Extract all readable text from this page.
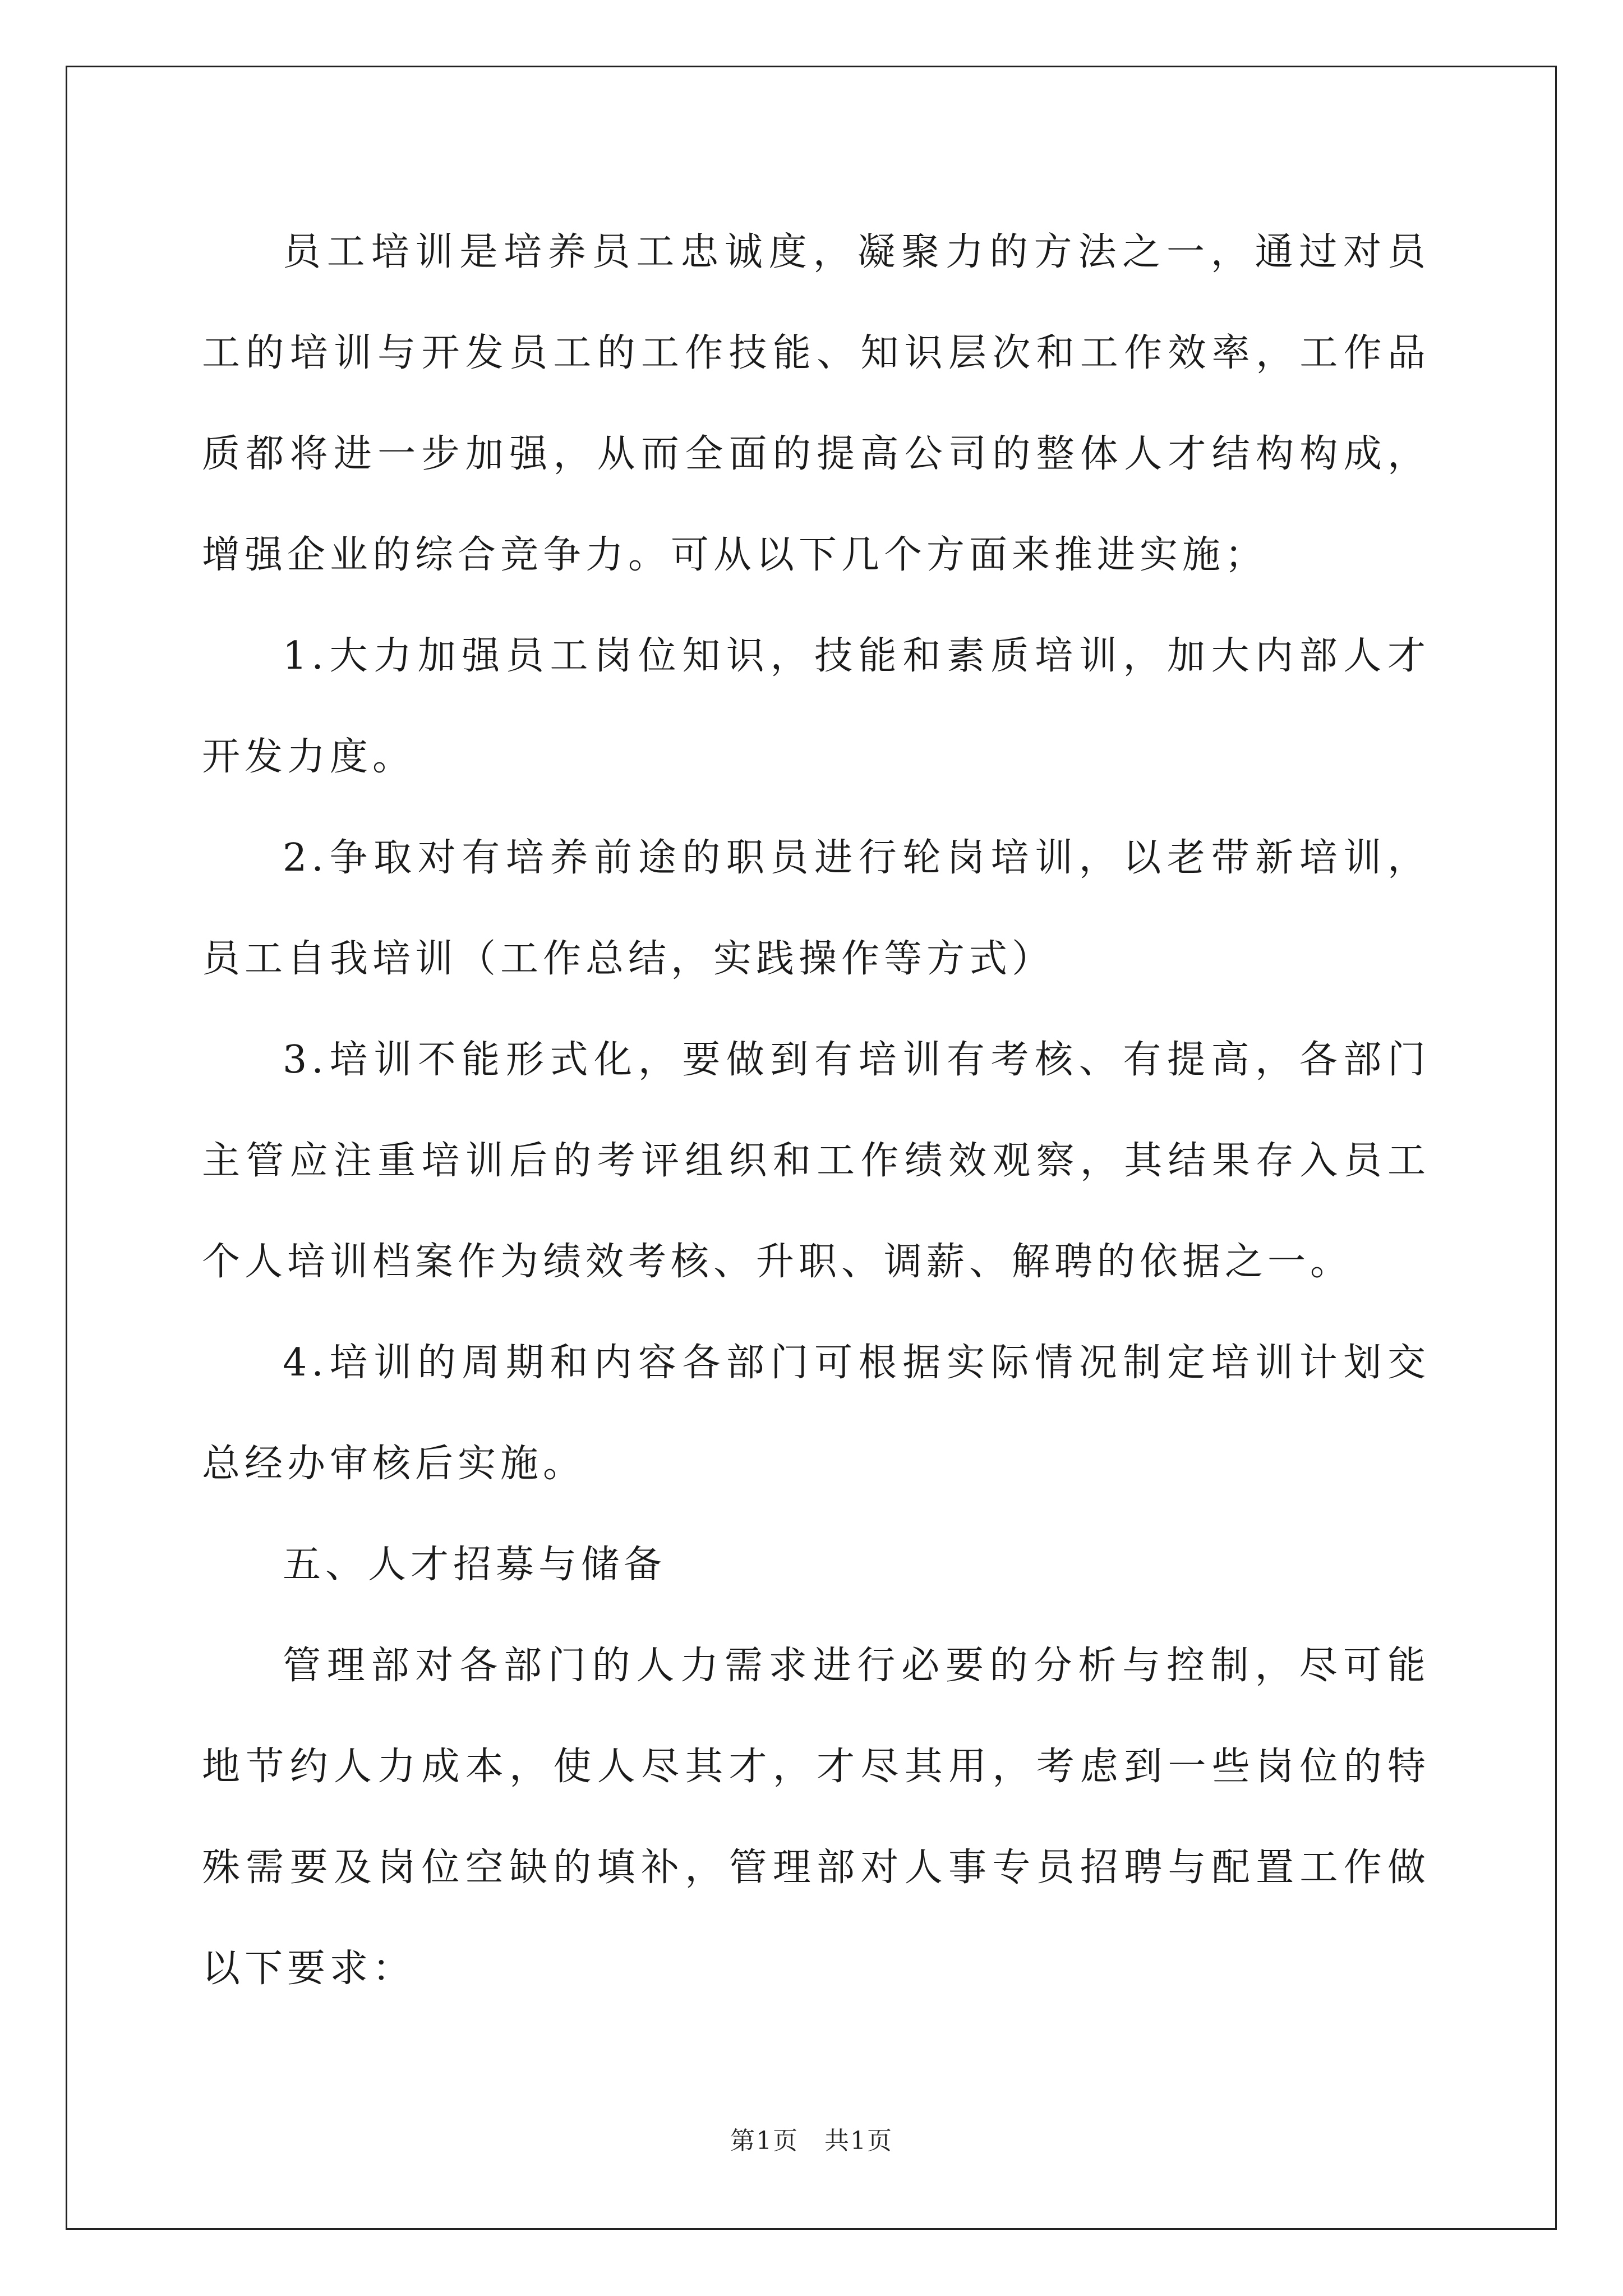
员工培训是培养员工忠诚度，凝聚力的方法之一，通过对员工的培训与开发员工的工作技能、知识层次和工作效率，工作品质都将进一步加强，从而全面的提高公司的整体人才结构构成，增强企业的综合竞争力。可从以下几个方面来推进实施；

1.大力加强员工岗位知识，技能和素质培训，加大内部人才开发力度。

2.争取对有培养前途的职员进行轮岗培训，以老带新培训，员工自我培训（工作总结，实践操作等方式）

3.培训不能形式化，要做到有培训有考核、有提高，各部门主管应注重培训后的考评组织和工作绩效观察，其结果存入员工个人培训档案作为绩效考核、升职、调薪、解聘的依据之一。

4.培训的周期和内容各部门可根据实际情况制定培训计划交总经办审核后实施。

五、人才招募与储备

管理部对各部门的人力需求进行必要的分析与控制，尽可能地节约人力成本，使人尽其才，才尽其用，考虑到一些岗位的特殊需要及岗位空缺的填补，管理部对人事专员招聘与配置工作做以下要求：

第1页　共1页
